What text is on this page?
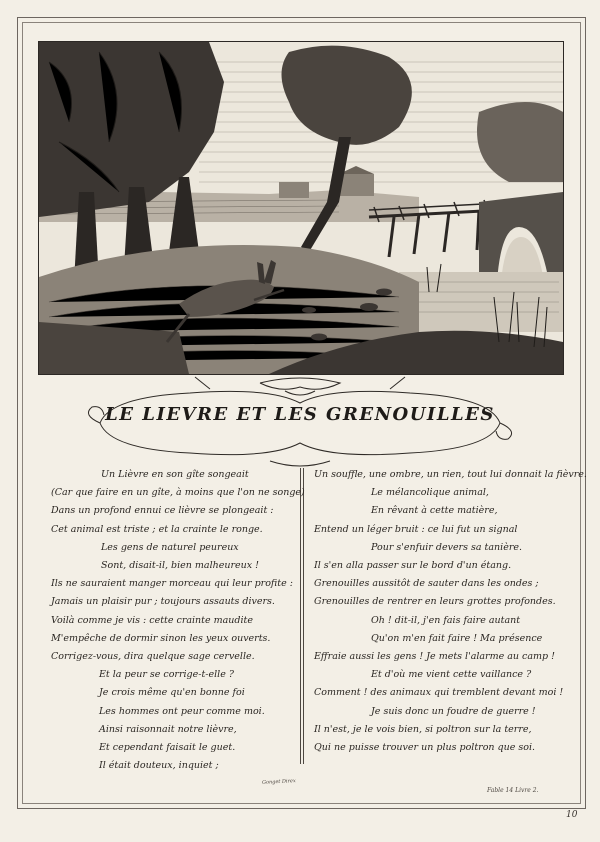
LE LIEVRE ET LES GRENOUILLES
Un Lièvre en son gîte songeait
(Car que faire en un gîte, à moins que l'on ne songe)
Dans un profond ennui ce lièvre se plongeait :
Cet animal est triste ; et la crainte le ronge.
Les gens de naturel peureux
Sont, disait-il, bien malheureux !
Ils ne sauraient manger morceau qui leur profite :
Jamais un plaisir pur ; toujours assauts divers.
Voilà comme je vis : cette crainte maudite
M'empêche de dormir sinon les yeux ouverts.
Corrigez-vous, dira quelque sage cervelle.
Et la peur se corrige-t-elle ?
Je crois même qu'en bonne foi
Les hommes ont peur comme moi.
Ainsi raisonnait notre lièvre,
Et cependant faisait le guet.
Il était douteux, inquiet ;
Un souffle, une ombre, un rien, tout lui donnait la fièvre.
Le mélancolique animal,
En rêvant à cette matière,
Entend un léger bruit : ce lui fut un signal
Pour s'enfuir devers sa tanière.
Il s'en alla passer sur le bord d'un étang.
Grenouilles aussitôt de sauter dans les ondes ;
Grenouilles de rentrer en leurs grottes profondes.
Oh ! dit-il, j'en fais faire autant
Qu'on m'en fait faire ! Ma présence
Effraie aussi les gens ! Je mets l'alarme au camp !
Et d'où me vient cette vaillance ?
Comment ! des animaux qui tremblent devant moi !
Je suis donc un foudre de guerre !
Il n'est, je le vois bien, si poltron sur la terre,
Qui ne puisse trouver un plus poltron que soi.
Gonget Direx
Fable 14 Livre 2.
10
